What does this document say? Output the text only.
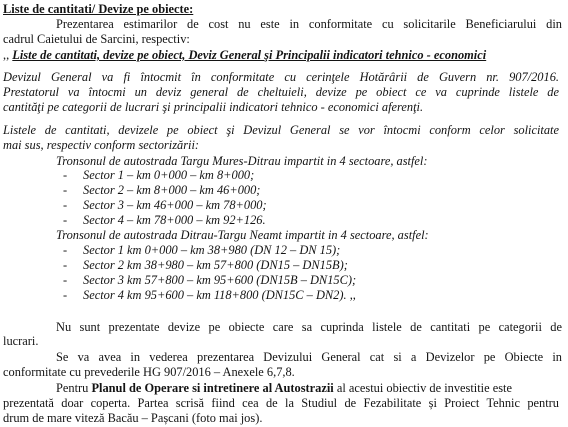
Liste de cantitati/ Devize pe obiecte:

Prezentarea estimarilor de cost nu este in conformitate cu solicitarile Beneficiarului din

cadrul Caietului de Sarcini, respectiv:

,, Liste de cantitati, devize pe obiect, Deviz General şi Principalii indicatori tehnico - economici

Devizul General va fi întocmit în conformitate cu cerinţele Hotărârii de Guvern nr. 907/2016.

Prestatorul va întocmi un deviz general de cheltuieli, devize pe obiect ce va cuprinde listele de

cantităţi pe categorii de lucrari şi principalii indicatori tehnico - economici aferenţi.

Listele de cantitati, devizele pe obiect şi Devizul General se vor întocmi conform celor solicitate

mai sus, respectiv conform sectorizării:

Tronsonul de autostrada Targu Mures-Ditrau impartit in 4 sectoare, astfel:

- Sector 1 – km 0+000 – km 8+000;

- Sector 2 – km 8+000 – km 46+000;

- Sector 3 – km 46+000 – km 78+000;

- Sector 4 – km 78+000 – km 92+126.

Tronsonul de autostrada Ditrau-Targu Neamt impartit in 4 sectoare, astfel:

- Sector 1 km 0+000 – km 38+980 (DN 12 – DN 15);

- Sector 2 km 38+980 – km 57+800 (DN15 – DN15B);

- Sector 3 km 57+800 – km 95+600 (DN15B – DN15C);

- Sector 4 km 95+600 – km 118+800 (DN15C – DN2). ,,

Nu sunt prezentate devize pe obiecte care sa cuprinda listele de cantitati pe categorii de

lucrari.

Se va avea in vederea prezentarea Devizului General cat si a Devizelor pe Obiecte in

conformitate cu prevederile HG 907/2016 – Anexele 6,7,8.

Pentru Planul de Operare si intretinere al Autostrazii al acestui obiectiv de investitie este

prezentată doar coperta. Partea scrisă fiind cea de la Studiul de Fezabilitate și Proiect Tehnic pentru

drum de mare viteză Bacău – Pașcani (foto mai jos).
